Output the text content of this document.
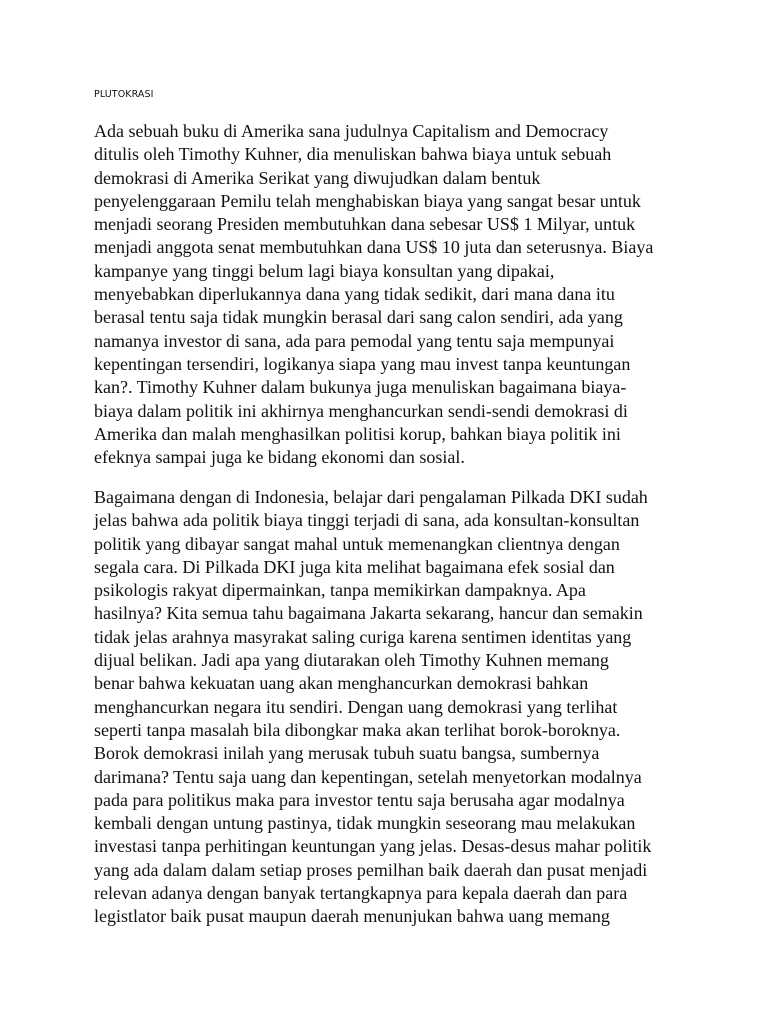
PLUTOKRASI

Ada sebuah buku di Amerika sana judulnya Capitalism and Democracy
ditulis oleh Timothy Kuhner, dia menuliskan bahwa biaya untuk sebuah
demokrasi di Amerika Serikat yang diwujudkan dalam bentuk
penyelenggaraan Pemilu telah menghabiskan biaya yang sangat besar untuk
menjadi seorang Presiden membutuhkan dana sebesar US$ 1 Milyar, untuk
menjadi anggota senat membutuhkan dana US$ 10 juta dan seterusnya. Biaya
kampanye yang tinggi belum lagi biaya konsultan yang dipakai,
menyebabkan diperlukannya dana yang tidak sedikit, dari mana dana itu
berasal tentu saja tidak mungkin berasal dari sang calon sendiri, ada yang
namanya investor di sana, ada para pemodal yang tentu saja mempunyai
kepentingan tersendiri, logikanya siapa yang mau invest tanpa keuntungan
kan?. Timothy Kuhner dalam bukunya juga menuliskan bagaimana biaya-
biaya dalam politik ini akhirnya menghancurkan sendi-sendi demokrasi di
Amerika dan malah menghasilkan politisi korup, bahkan biaya politik ini
efeknya sampai juga ke bidang ekonomi dan sosial.

Bagaimana dengan di Indonesia, belajar dari pengalaman Pilkada DKI sudah
jelas bahwa ada politik biaya tinggi terjadi di sana, ada konsultan-konsultan
politik yang dibayar sangat mahal untuk memenangkan clientnya dengan
segala cara. Di Pilkada DKI juga kita melihat bagaimana efek sosial dan
psikologis rakyat dipermainkan, tanpa memikirkan dampaknya. Apa
hasilnya? Kita semua tahu bagaimana Jakarta sekarang, hancur dan semakin
tidak jelas arahnya masyrakat saling curiga karena sentimen identitas yang
dijual belikan. Jadi apa yang diutarakan oleh Timothy Kuhnen memang
benar bahwa kekuatan uang akan menghancurkan demokrasi bahkan
menghancurkan negara itu sendiri. Dengan uang demokrasi yang terlihat
seperti tanpa masalah bila dibongkar maka akan terlihat borok-boroknya.
Borok demokrasi inilah yang merusak tubuh suatu bangsa, sumbernya
darimana? Tentu saja uang dan kepentingan, setelah menyetorkan modalnya
pada para politikus maka para investor tentu saja berusaha agar modalnya
kembali dengan untung pastinya, tidak mungkin seseorang mau melakukan
investasi tanpa perhitingan keuntungan yang jelas. Desas-desus mahar politik
yang ada dalam dalam setiap proses pemilhan baik daerah dan pusat menjadi
relevan adanya dengan banyak tertangkapnya para kepala daerah dan para
legistlator baik pusat maupun daerah menunjukan bahwa uang memang
